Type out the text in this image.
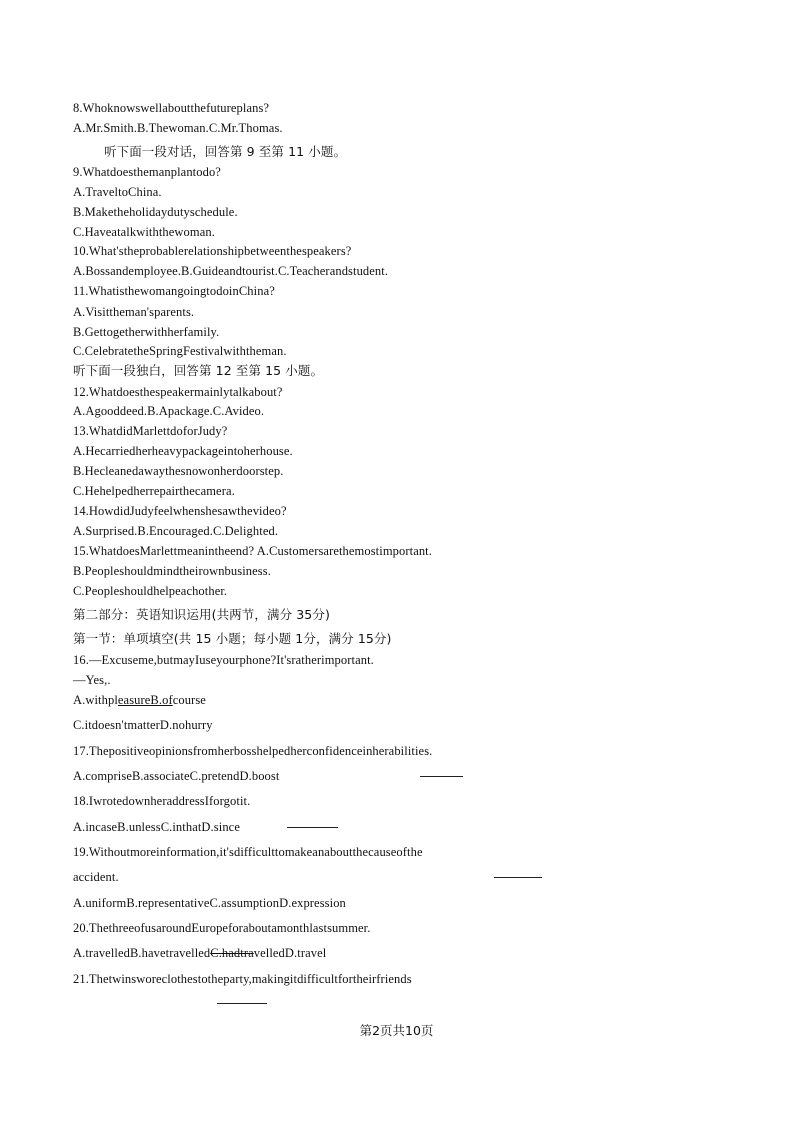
8.Whoknowswellaboutthefutureplans?
A.Mr.Smith.B.Thewoman.C.Mr.Thomas.
听下面一段对话，回答第 9 至第 11 小题。
9.Whatdoesthemanplantodo?
A.TraveltoChina.
B.Maketheholidaydutyschedule.
C.Haveatalkwiththewoman.
10.What'stheprobablerelationshipbetweenthespeakers?
A.Bossandemployee.B.Guideandtourist.C.Teacherandstudent.
11.WhatisthewomangoingtodoinChina?
A.Visittheman'sparents.
B.Gettogetherwithherfamily.
C.CelebratetheSpringFestivalwiththeman.
听下面一段独白，回答第 12 至第 15 小题。
12.Whatdoesthespeakermainlytalkabout?
A.Agooddeed.B.Apackage.C.Avideo.
13.WhatdidMarlettdoforJudy?
A.Hecarriedherheavypackageintoherhouse.
B.Hecleanedawaythesnowonherdoorstep.
C.Hehelpedherrepairthecamera.
14.HowdidJudyfeelwhenshesawthevideo?
A.Surprised.B.Encouraged.C.Delighted.
15.WhatdoesMarlettmeanintheend? A.Customersarethemostimportant.
B.Peopleshouldmindtheirownbusiness.
C.Peopleshouldhelpeachother.
第二部分：英语知识运用(共两节，满分 35分)
第一节：单项填空(共 15 小题；每小题 1分，满分 15分)
16.—Excuseme,butmayIuseyourphone?It'sratherimportant.
—Yes,.
A.withpleasureB.ofcourse
C.itdoesn'tmatterD.nohurry
17.Thepositiveopinionsfromherbosshelpedherconfidenceinherabilities.
A.compriseB.associateC.pretendD.boost
18.IwrotedownheraddressIforgotit.
A.incaseB.unlessC.inthatD.since
19.Withoutmoreinformation,it'sdifficulttomakeanaboutthecauseofthe
accident.
A.uniformB.representativeC.assumptionD.expression
20.ThethreeofusaroundEuropeforaboutamonthlastsummer.
A.travelledB.havetravelledC.hadtravelledD.travel
21.Thetwinsworeclothestotheparty,makingitdifficultfortheirfriends
第2页共10页
